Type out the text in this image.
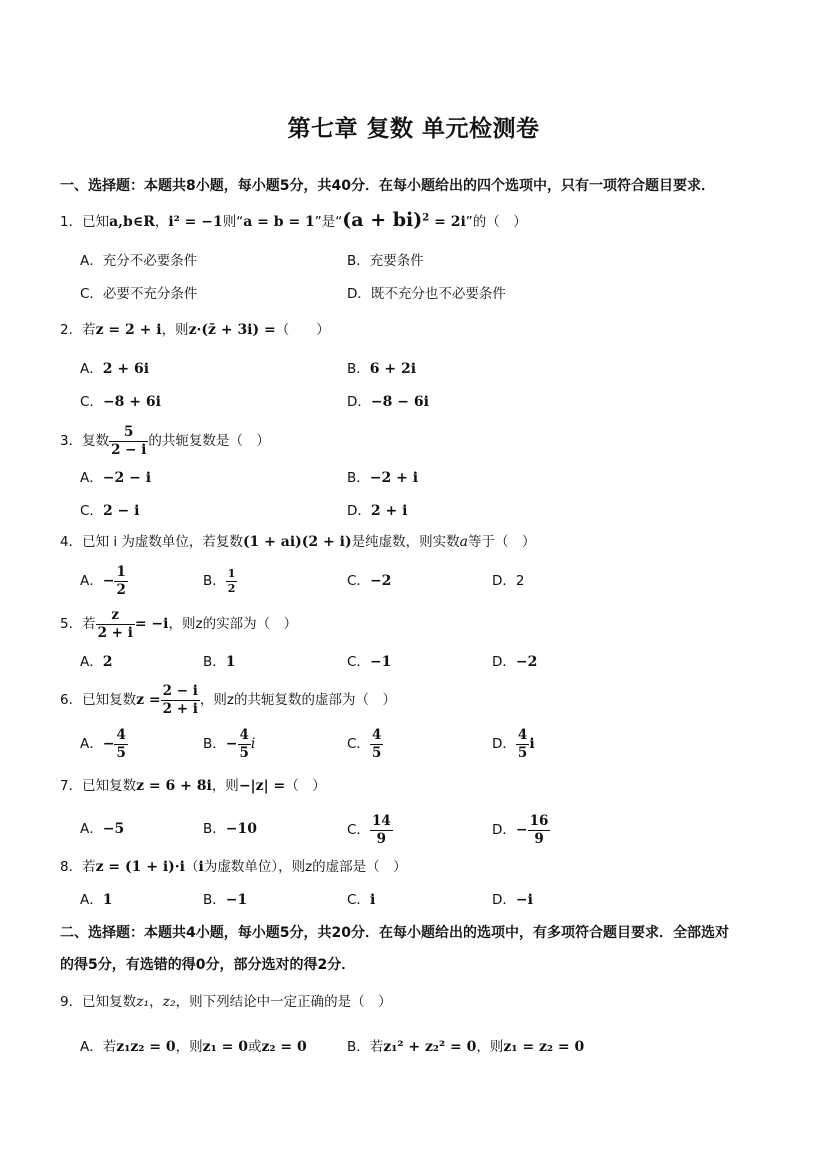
第七章 复数 单元检测卷
一、选择题：本题共8小题，每小题5分，共40分．在每小题给出的四个选项中，只有一项符合题目要求．
1．已知a,b∈R，i² = −1则“a = b = 1”是“(a + bi)$^2$ = 2i”的（　）
A．充分不必要条件	B．充要条件
C．必要不充分条件	D．既不充分也不必要条件
2．若z = 2 + i，则z·(z̄ + 3i) =（　　）
A．2 + 6i	B．6 + 2i
C．−8 + 6i	D．−8 − 6i
3．复数 $\frac{5}{2 - i}$ 的共轭复数是（　）
A．−2 − i	B．−2 + i
C．2 − i	D．2 + i
4．已知 i 为虚数单位，若复数(1 + ai)(2 + i)是纯虚数，则实数a等于（　）
A．− $\frac{1}{2}$	B． $\frac{1}{2}$	C．−2	D．2
5．若 $\frac{z}{2 + i} = -i$，则z的实部为（　）
A．2	B．1	C．−1	D．−2
6．已知复数$z = \frac{2 - i}{2 + i}$ ，则z的共轭复数的虚部为（　）
A．− $\frac{4}{5}$	B．− $\frac{4}{5}$ i	C． $\frac{4}{5}$	D． $\frac{4}{5}$ i
7．已知复数z = 6 + 8i，则−|z| =（　）
A．−5	B．−10	C． $\frac{14}{9}$	D．− $\frac{16}{9}$
8．若z = (1 + i)·i（i为虚数单位），则z的虚部是（　）
A．1	B．−1	C．i	D．−i
二、选择题：本题共4小题，每小题5分，共20分．在每小题给出的选项中，有多项符合题目要求．全部选对
的得5分，有选错的得0分，部分选对的得2分．
9．已知复数z₁，z₂，则下列结论中一定正确的是（　）
A．若z₁z₂ = 0，则z₁ = 0或z₂ = 0	B．若z₁² + z₂² = 0，则z₁ = z₂ = 0
